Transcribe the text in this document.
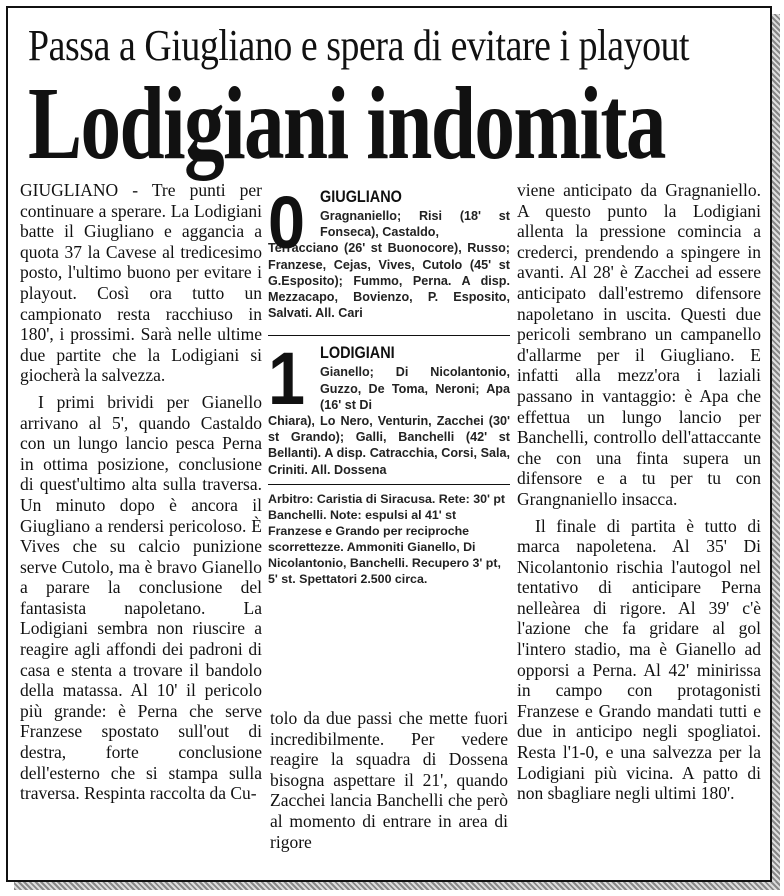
Passa a Giugliano e spera di evitare i playout
Lodigiani indomita

GIUGLIANO - Tre punti per continuare a sperare. La Lodigiani batte il Giugliano e aggancia a quota 37 la Cavese al tredicesimo posto, l'ultimo buono per evitare i playout. Così ora tutto un campionato resta racchiuso in 180', i prossimi. Sarà nelle ultime due partite che la Lodigiani si giocherà la salvezza.

I primi brividi per Gianello arrivano al 5', quando Castaldo con un lungo lancio pesca Perna in ottima posizione, conclusione di quest'ultimo alta sulla traversa. Un minuto dopo è ancora il Giugliano a rendersi pericoloso. È Vives che su calcio punizione serve Cutolo, ma è bravo Gianello a parare la conclusione del fantasista napoletano. La Lodigiani sembra non riuscire a reagire agli affondi dei padroni di casa e stenta a trovare il bandolo della matassa. Al 10' il pericolo più grande: è Perna che serve Franzese spostato sull'out di destra, forte conclusione dell'esterno che si stampa sulla traversa. Respinta raccolta da Cu-

0 GIUGLIANO
Gragnaniello; Risi (18' st Fonseca), Castaldo,
Terracciano (26' st Buonocore), Russo; Franzese, Cejas, Vives, Cutolo (45' st G.Esposito); Fummo, Perna. A disp. Mezzacapo, Bovienzo, P. Esposito, Salvati. All. Cari
1 LODIGIANI
Gianello; Di Nicolantonio, Guzzo, De Toma, Neroni; Apa (16' st Di
Chiara), Lo Nero, Venturin, Zacchei (30' st Grando); Galli, Banchelli (42' st Bellanti). A disp. Catracchia, Corsi, Sala, Criniti. All. Dossena
Arbitro: Caristia di Siracusa. Rete: 30' pt Banchelli. Note: espulsi al 41' st Franzese e Grando per reciproche scorrettezze. Ammoniti Gianello, Di Nicolantonio, Banchelli. Recupero 3' pt, 5' st. Spettatori 2.500 circa.

tolo da due passi che mette fuori incredibilmente. Per vedere reagire la squadra di Dossena bisogna aspettare il 21', quando Zacchei lancia Banchelli che però al momento di entrare in area di rigore

viene anticipato da Gragnaniello. A questo punto la Lodigiani allenta la pressione comincia a crederci, prendendo a spingere in avanti. Al 28' è Zacchei ad essere anticipato dall'estremo difensore napoletano in uscita. Questi due pericoli sembrano un campanello d'allarme per il Giugliano. E infatti alla mezz'ora i laziali passano in vantaggio: è Apa che effettua un lungo lancio per Banchelli, controllo dell'attaccante che con una finta supera un difensore e a tu per tu con Grangnaniello insacca.

Il finale di partita è tutto di marca napoletena. Al 35' Di Nicolantonio rischia l'autogol nel tentativo di anticipare Perna nelleàrea di rigore. Al 39' c'è l'azione che fa gridare al gol l'intero stadio, ma è Gianello ad opporsi a Perna. Al 42' minirissa in campo con protagonisti Franzese e Grando mandati tutti e due in anticipo negli spogliatoi. Resta l'1-0, e una salvezza per la Lodigiani più vicina. A patto di non sbagliare negli ultimi 180'.
